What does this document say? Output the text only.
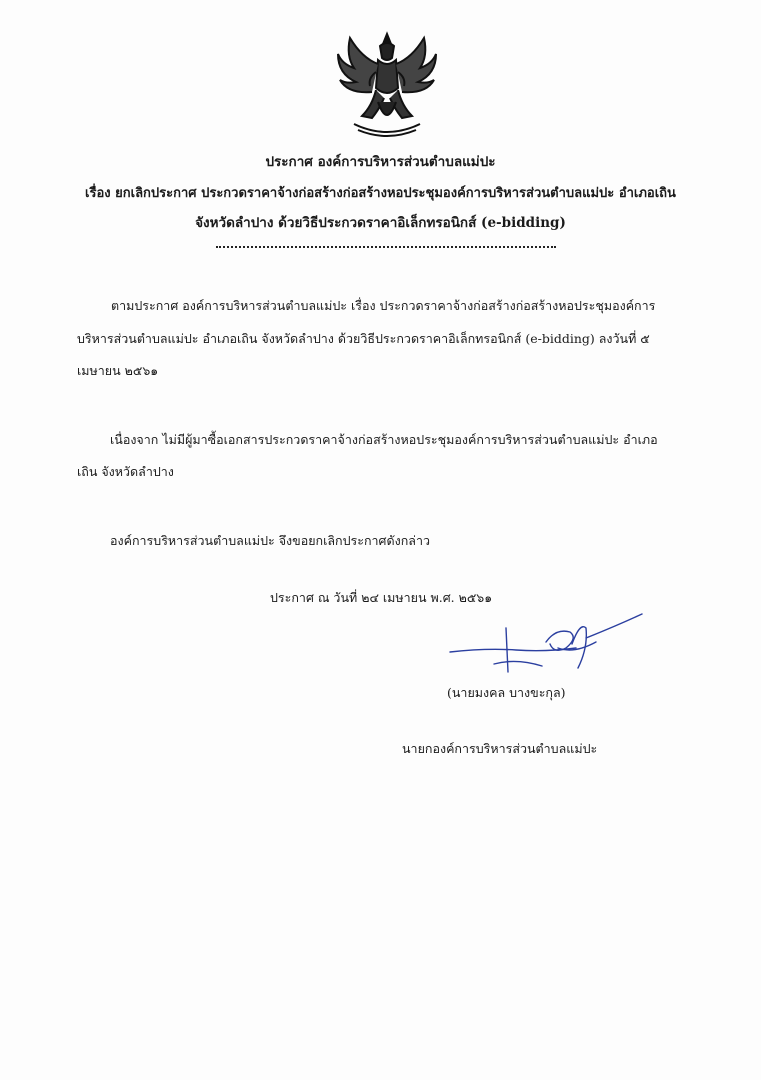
ประกาศ องค์การบริหารส่วนตำบลแม่ปะ
เรื่อง ยกเลิกประกาศ ประกวดราคาจ้างก่อสร้างก่อสร้างหอประชุมองค์การบริหารส่วนตำบลแม่ปะ อำเภอเถิน
จังหวัดลำปาง ด้วยวิธีประกวดราคาอิเล็กทรอนิกส์ (e-bidding)
ตามประกาศ องค์การบริหารส่วนตำบลแม่ปะ เรื่อง ประกวดราคาจ้างก่อสร้างก่อสร้างหอประชุมองค์การ
บริหารส่วนตำบลแม่ปะ อำเภอเถิน จังหวัดลำปาง ด้วยวิธีประกวดราคาอิเล็กทรอนิกส์ (e-bidding) ลงวันที่ ๕
เมษายน ๒๕๖๑
เนื่องจาก ไม่มีผู้มาซื้อเอกสารประกวดราคาจ้างก่อสร้างหอประชุมองค์การบริหารส่วนตำบลแม่ปะ อำเภอ
เถิน จังหวัดลำปาง
องค์การบริหารส่วนตำบลแม่ปะ จึงขอยกเลิกประกาศดังกล่าว
ประกาศ ณ วันที่ ๒๔ เมษายน พ.ศ. ๒๕๖๑
(นายมงคล บางขะกุล)
นายกองค์การบริหารส่วนตำบลแม่ปะ
